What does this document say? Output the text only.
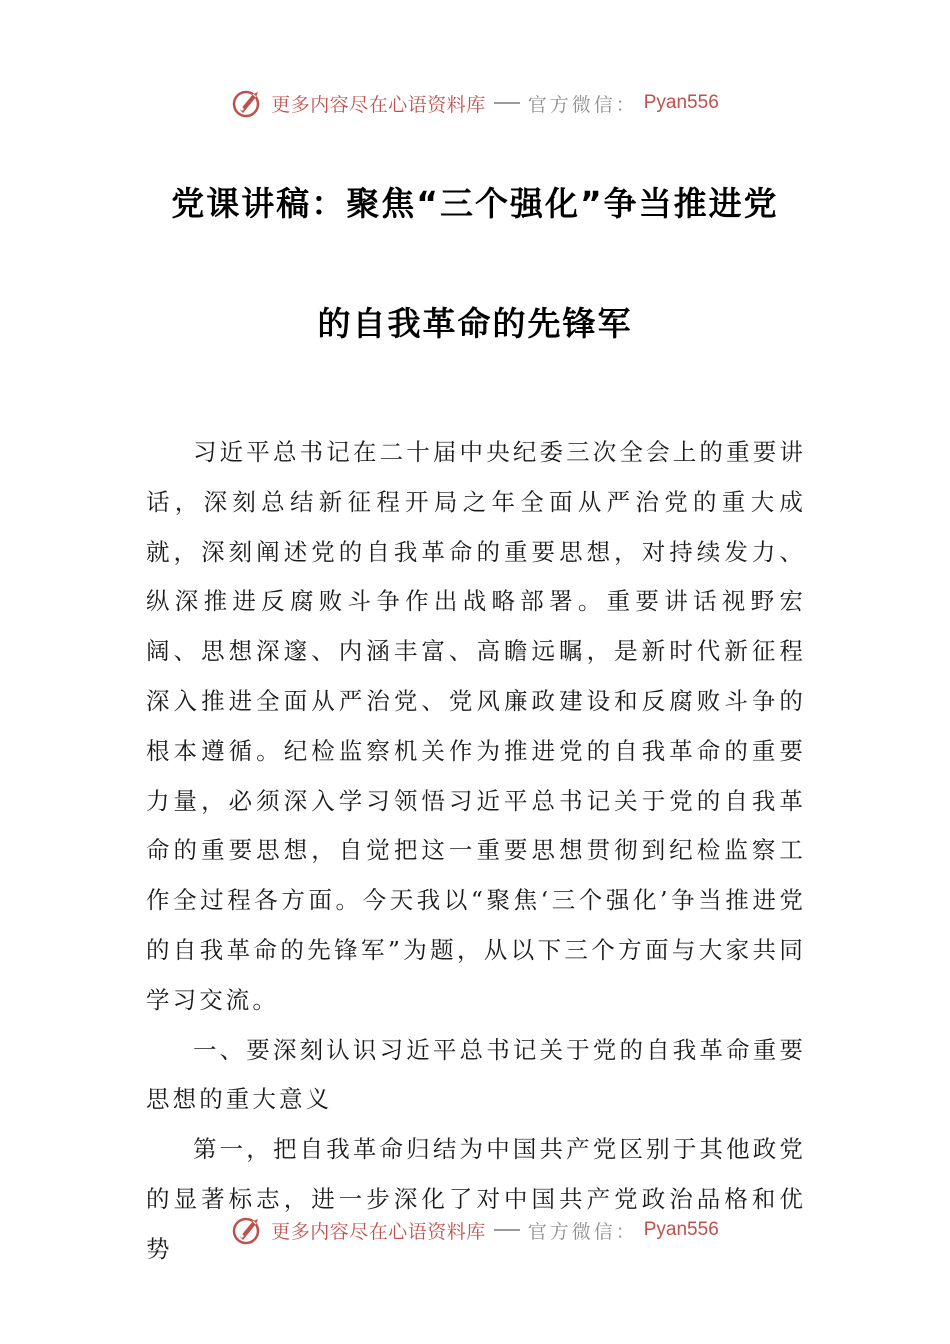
更多内容尽在心语资料库 官方微信： Pyan556
党课讲稿：聚焦“三个强化”争当推进党
的自我革命的先锋军

习近平总书记在二十届中央纪委三次全会上的重要讲话，深刻总结新征程开局之年全面从严治党的重大成就，深刻阐述党的自我革命的重要思想，对持续发力、纵深推进反腐败斗争作出战略部署。重要讲话视野宏阔、思想深邃、内涵丰富、高瞻远瞩，是新时代新征程深入推进全面从严治党、党风廉政建设和反腐败斗争的根本遵循。纪检监察机关作为推进党的自我革命的重要力量，必须深入学习领悟习近平总书记关于党的自我革命的重要思想，自觉把这一重要思想贯彻到纪检监察工作全过程各方面。今天我以“聚焦‘三个强化’争当推进党的自我革命的先锋军”为题，从以下三个方面与大家共同学习交流。

一、要深刻认识习近平总书记关于党的自我革命重要思想的重大意义

第一，把自我革命归结为中国共产党区别于其他政党的显著标志，进一步深化了对中国共产党政治品格和优势

更多内容尽在心语资料库 官方微信： Pyan556
